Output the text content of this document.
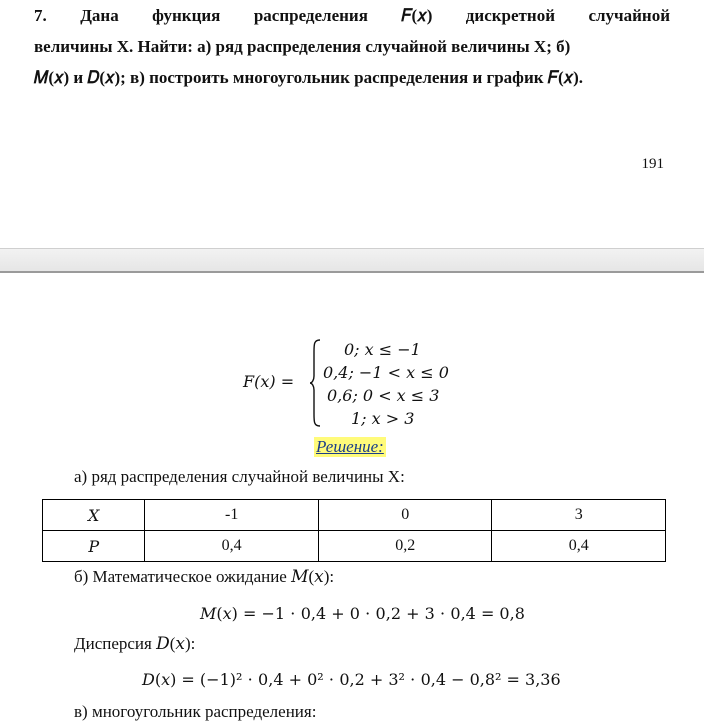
7. Дана функция распределения 𝐹(𝑥) дискретной случайной
величины Х. Найти: а) ряд распределения случайной величины Х; б)
𝑀(𝑥) и 𝐷(𝑥); в) построить многоугольник распределения и график 𝐹(𝑥).
191
𝐹(𝑥) =
0; 𝑥 ≤ −1
0,4; −1 < 𝑥 ≤ 0
0,6; 0 < 𝑥 ≤ 3
1; 𝑥 > 3
Решение:
а) ряд распределения случайной величины Х:
X	-1	0	3
P	0,4	0,2	0,4
б) Математическое ожидание 𝑀(𝑥):
𝑀(𝑥) = −1 ⋅ 0,4 + 0 ⋅ 0,2 + 3 ⋅ 0,4 = 0,8
Дисперсия 𝐷(𝑥):
𝐷(𝑥) = (−1)² ⋅ 0,4 + 0² ⋅ 0,2 + 3² ⋅ 0,4 − 0,8² = 3,36
в) многоугольник распределения:
